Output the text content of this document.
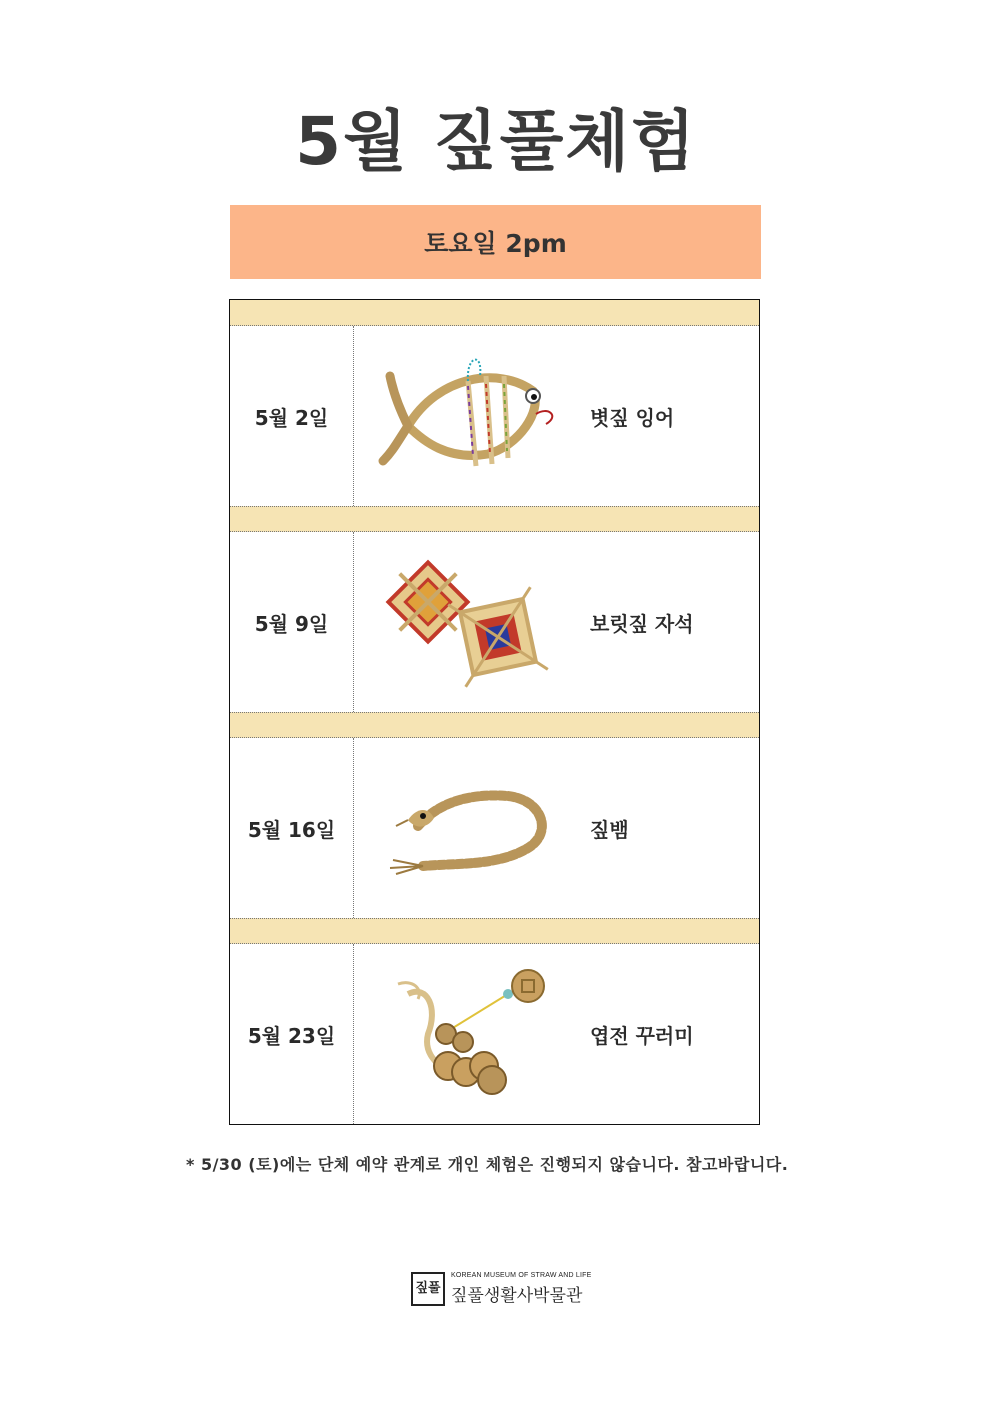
5월 짚풀체험
토요일 2pm
5월 2일	볏짚 잉어
5월 9일	보릿짚 자석
5월 16일	짚뱀
5월 23일	엽전 꾸러미
* 5/30 (토)에는 단체 예약 관계로 개인 체험은 진행되지 않습니다. 참고바랍니다.
짚풀
KOREAN MUSEUM OF STRAW AND LIFE
짚풀생활사박물관
